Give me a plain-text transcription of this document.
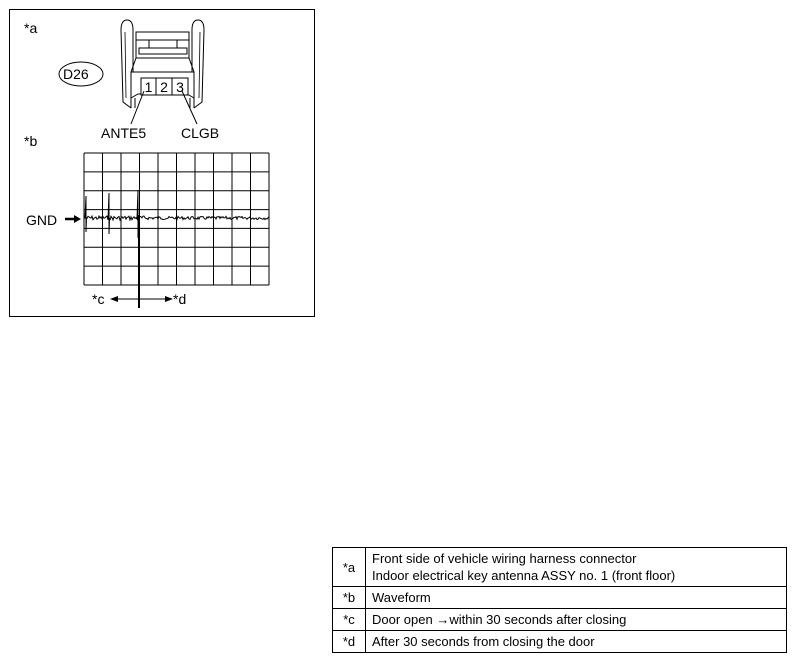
*a
*b
D26
1 2 3
ANTE5 CLGB
GND
*c	*d
*a	Front side of vehicle wiring harness connector
Indoor electrical key antenna ASSY no. 1 (front floor)

*b	Waveform

*c	Door open →within 30 seconds after closing

*d	After 30 seconds from closing the door
